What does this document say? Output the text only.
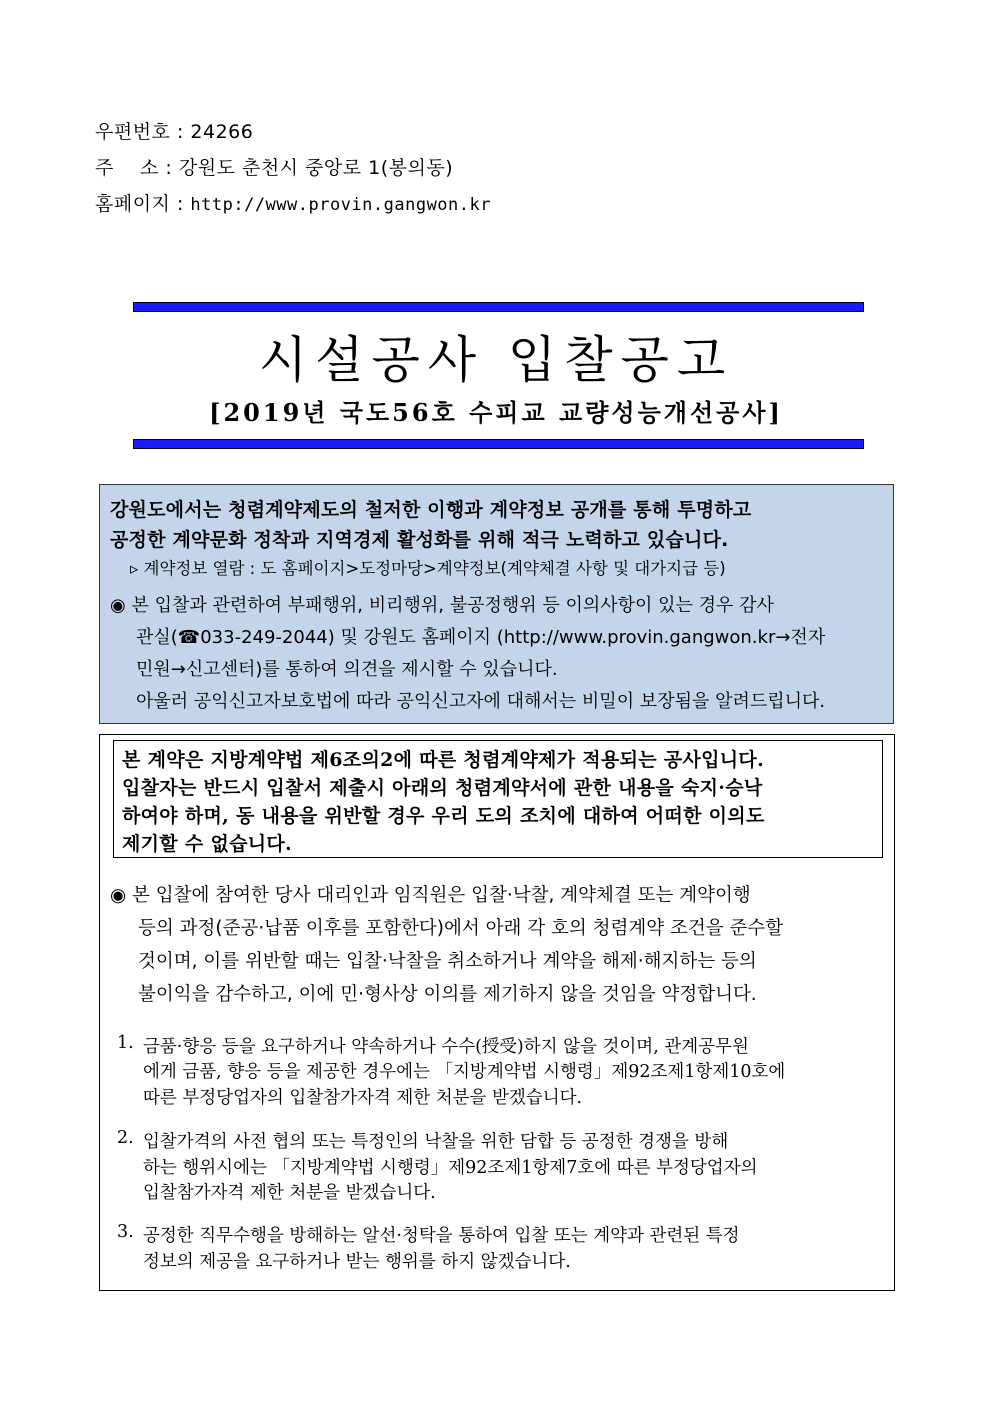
우편번호 : 24266
주    소 : 강원도 춘천시 중앙로 1(봉의동)
홈페이지 : http://www.provin.gangwon.kr
시설공사 입찰공고
[2019년 국도56호 수피교 교량성능개선공사]
강원도에서는 청렴계약제도의 철저한 이행과 계약정보 공개를 통해 투명하고
공정한 계약문화 정착과 지역경제 활성화를 위해 적극 노력하고 있습니다.
▹ 계약정보 열람 : 도 홈페이지>도정마당>계약정보(계약체결 사항 및 대가지급 등)
◉ 본 입찰과 관련하여 부패행위, 비리행위, 불공정행위 등 이의사항이 있는 경우 감사
관실(☎033-249-2044) 및 강원도 홈페이지 (http://www.provin.gangwon.kr→전자
민원→신고센터)를 통하여 의견을 제시할 수 있습니다.
아울러 공익신고자보호법에 따라 공익신고자에 대해서는 비밀이 보장됨을 알려드립니다.
본 계약은 지방계약법 제6조의2에 따른 청렴계약제가 적용되는 공사입니다.
입찰자는 반드시 입찰서 제출시 아래의 청렴계약서에 관한 내용을 숙지·승낙
하여야 하며, 동 내용을 위반할 경우 우리 도의 조치에 대하여 어떠한 이의도
제기할 수 없습니다.
◉ 본 입찰에 참여한 당사 대리인과 임직원은 입찰·낙찰, 계약체결 또는 계약이행
등의 과정(준공·납품 이후를 포함한다)에서 아래 각 호의 청렴계약 조건을 준수할
것이며, 이를 위반할 때는 입찰·낙찰을 취소하거나 계약을 해제·해지하는 등의
불이익을 감수하고, 이에 민·형사상 이의를 제기하지 않을 것임을 약정합니다.
1. 금품·향응 등을 요구하거나 약속하거나 수수(授受)하지 않을 것이며, 관계공무원
에게 금품, 향응 등을 제공한 경우에는 「지방계약법 시행령」제92조제1항제10호에
따른 부정당업자의 입찰참가자격 제한 처분을 받겠습니다.
2. 입찰가격의 사전 협의 또는 특정인의 낙찰을 위한 담합 등 공정한 경쟁을 방해
하는 행위시에는 「지방계약법 시행령」제92조제1항제7호에 따른 부정당업자의
입찰참가자격 제한 처분을 받겠습니다.
3. 공정한 직무수행을 방해하는 알선·청탁을 통하여 입찰 또는 계약과 관련된 특정
정보의 제공을 요구하거나 받는 행위를 하지 않겠습니다.
